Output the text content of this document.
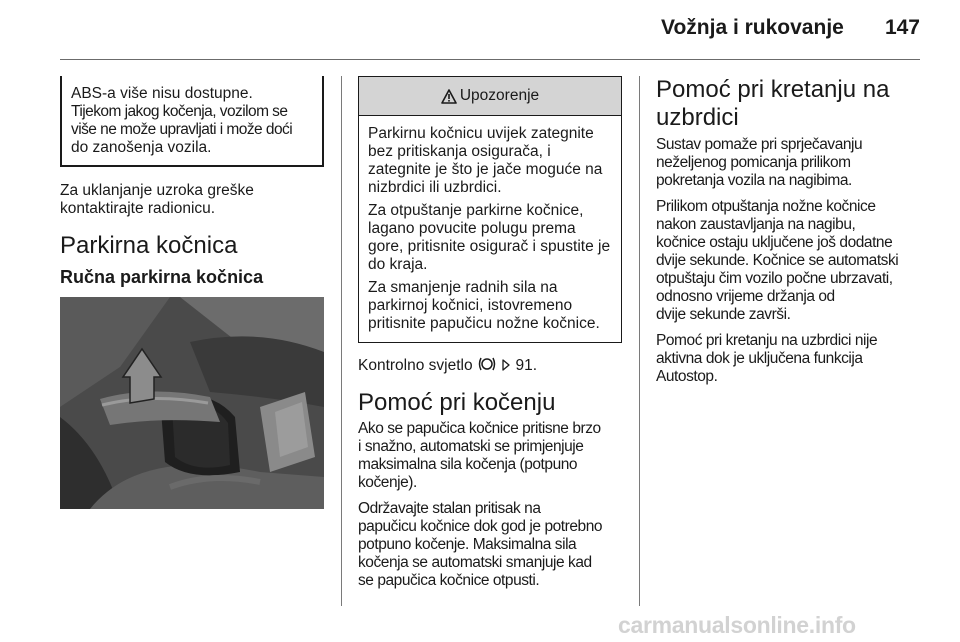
Vožnja i rukovanje	147
ABS-a više nisu dostupne.
Tijekom jakog kočenja, vozilom se
više ne može upravljati i može doći
do zanošenja vozila.

Za uklanjanje uzroka greške kontaktirajte radionicu.

Parkirna kočnica
Ručna parkirna kočnica
Upozorenje

Parkirnu kočnicu uvijek zategnite bez pritiskanja osigurača, i zategnite je što je jače moguće na nizbrdici ili uzbrdici.

Za otpuštanje parkirne kočnice, lagano povucite polugu prema gore, pritisnite osigurač i spustite je do kraja.

Za smanjenje radnih sila na parkirnoj kočnici, istovremeno pritisnite papučicu nožne kočnice.

Kontrolno svjetlo	91.

Pomoć pri kočenju
Ako se papučica kočnice pritisne brzo
i snažno, automatski se primjenjuje
maksimalna sila kočenja (potpuno
kočenje).
Održavajte stalan pritisak na
papučicu kočnice dok god je potrebno
potpuno kočenje. Maksimalna sila
kočenja se automatski smanjuje kad
se papučica kočnice otpusti.
Pomoć pri kretanju na
uzbrdici
Sustav pomaže pri sprječavanju
neželjenog pomicanja prilikom
pokretanja vozila na nagibima.
Prilikom otpuštanja nožne kočnice
nakon zaustavljanja na nagibu,
kočnice ostaju uključene još dodatne
dvije sekunde. Kočnice se automatski
otpuštaju čim vozilo počne ubrzavati,
odnosno vrijeme držanja od
dvije sekunde završi.
Pomoć pri kretanju na uzbrdici nije
aktivna dok je uključena funkcija
Autostop.
carmanualsonline.info
